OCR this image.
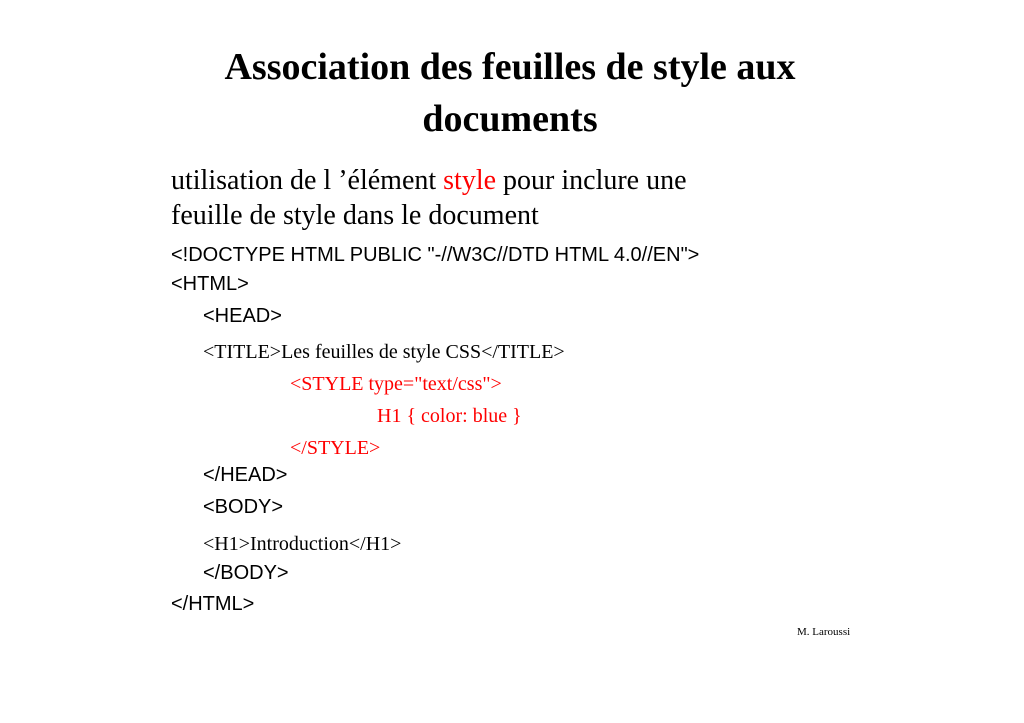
Association des feuilles de style aux
documents
utilisation de l ’élément style pour inclure une
feuille de style dans le document
<!DOCTYPE HTML PUBLIC "-//W3C//DTD HTML 4.0//EN">
<HTML>
<HEAD>
<TITLE>Les feuilles de style CSS</TITLE>
<STYLE type="text/css">
H1 { color: blue }
</STYLE>
</HEAD>
<BODY>
<H1>Introduction</H1>
</BODY>
</HTML>
M. Laroussi
